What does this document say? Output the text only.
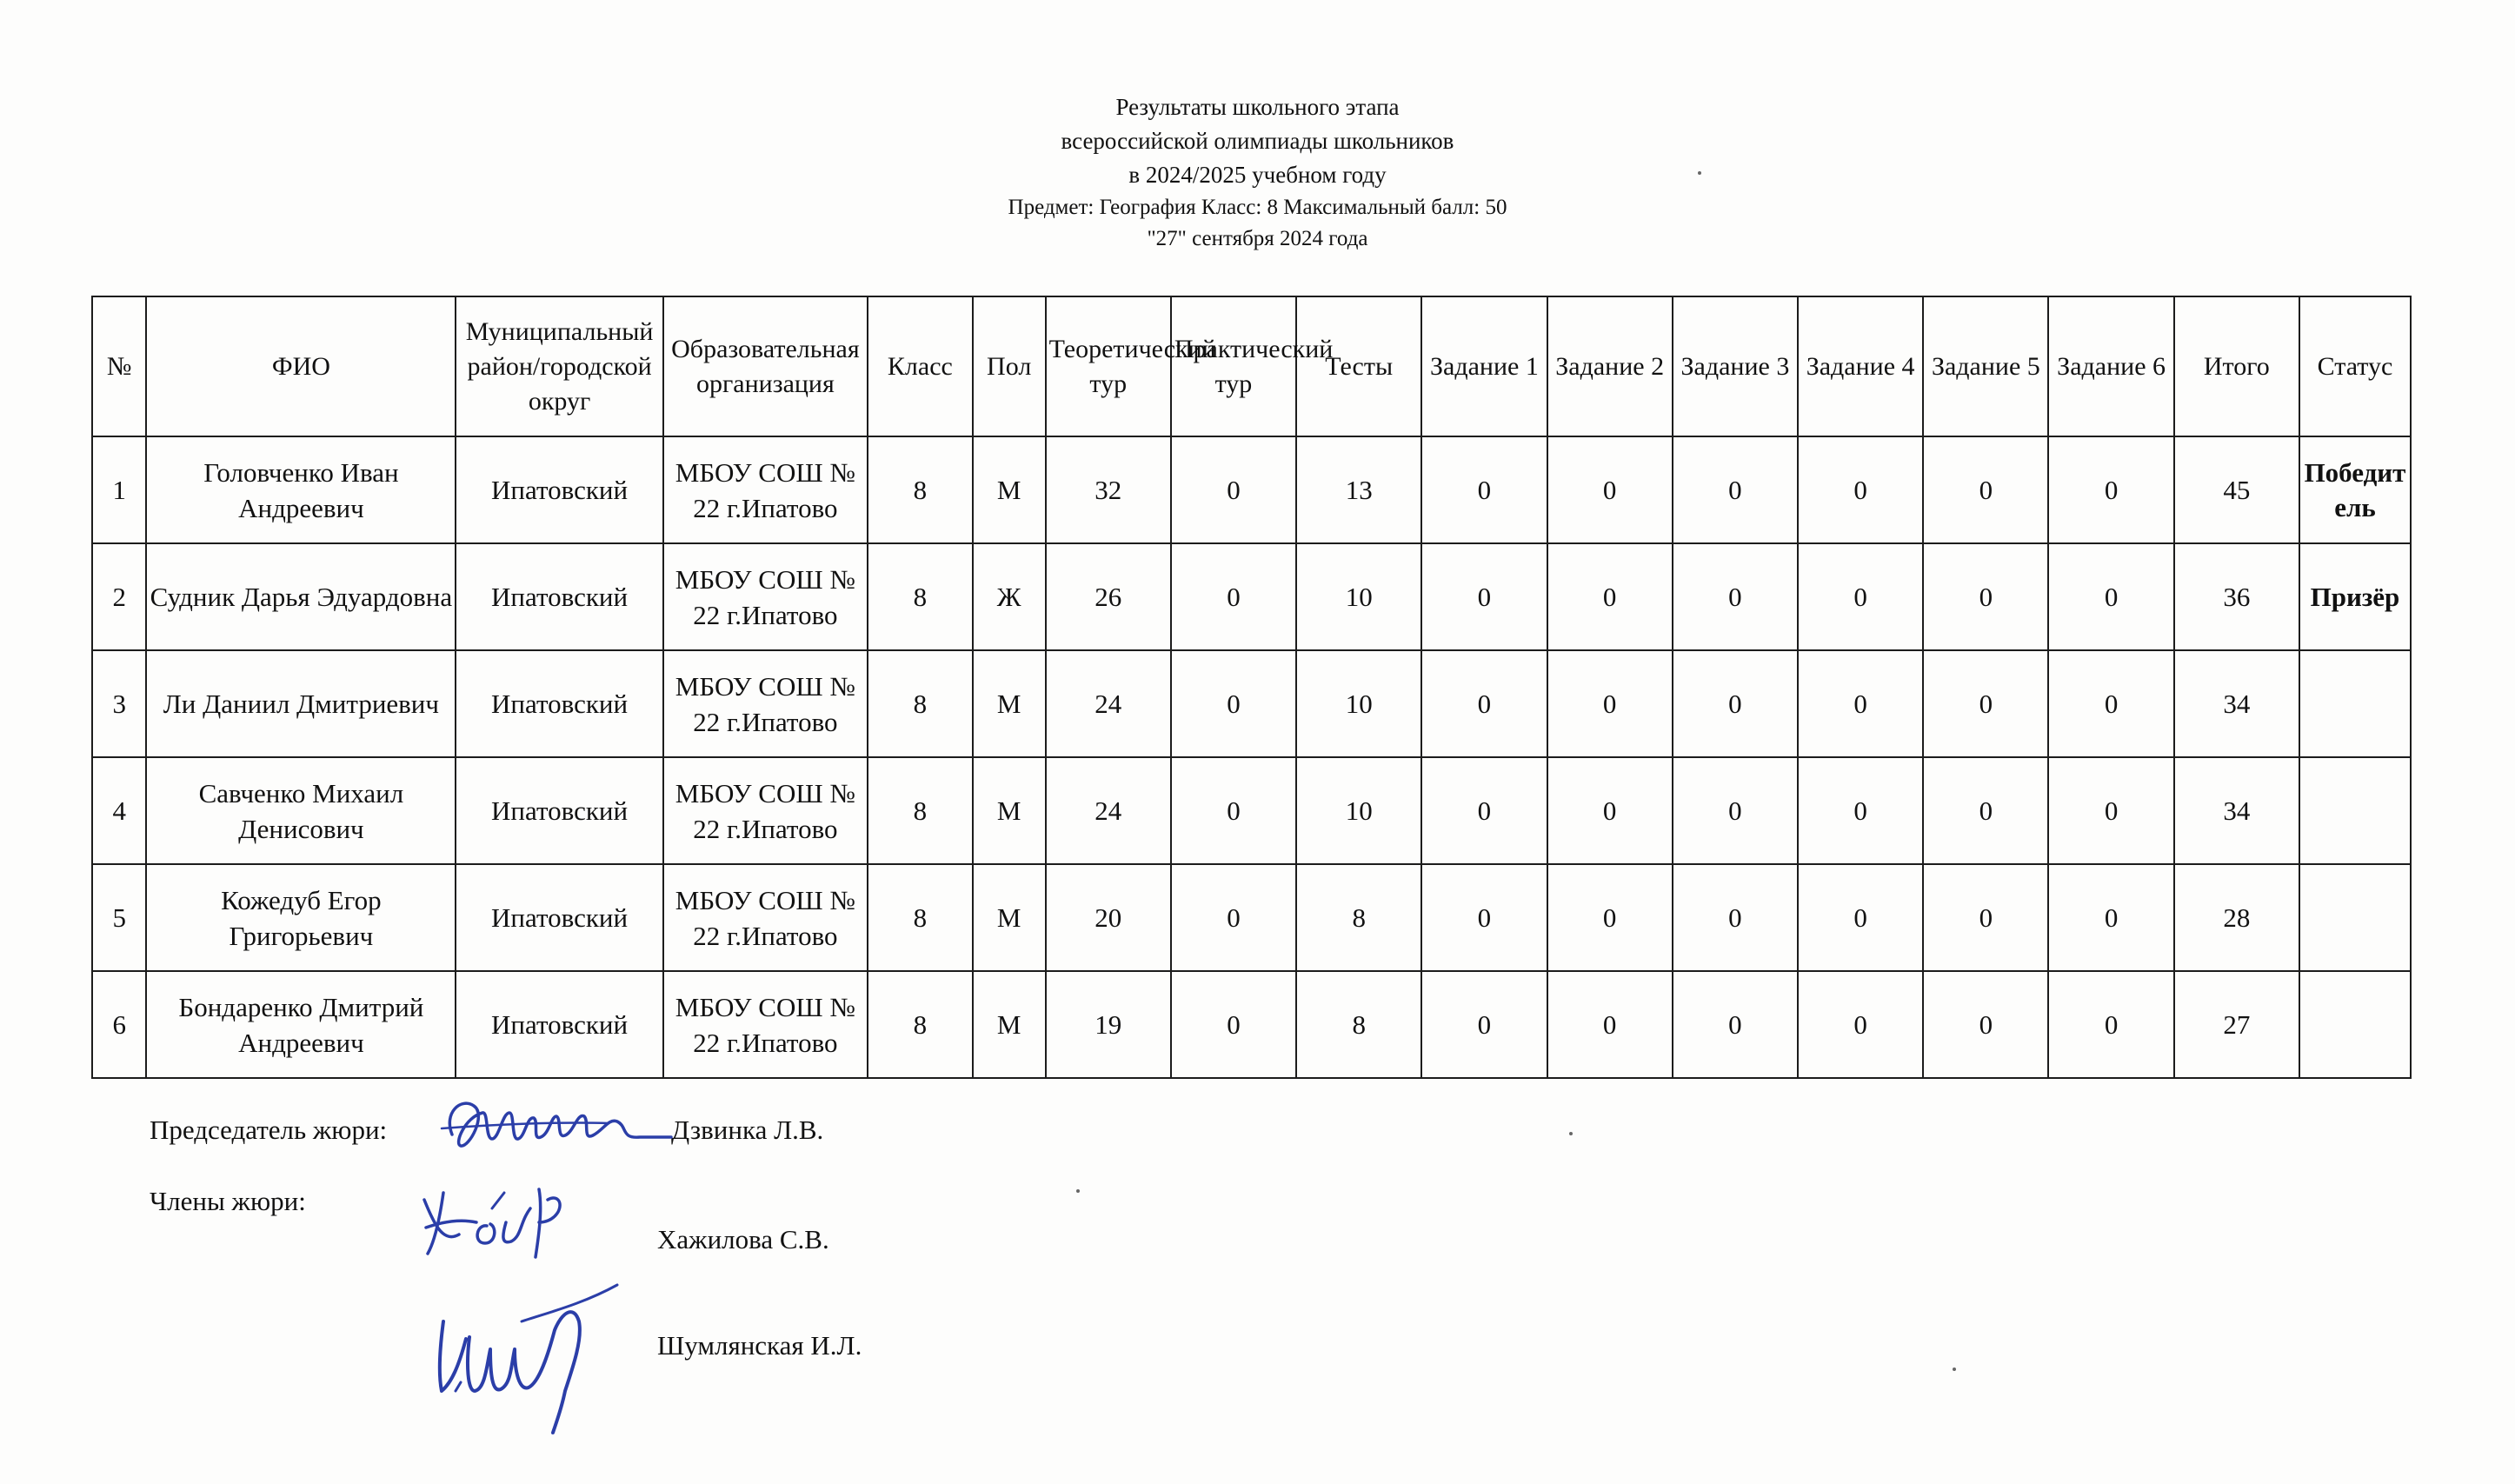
Результаты школьного этапа
всероссийской олимпиады школьников
в 2024/2025 учебном году
Предмет: География Класс: 8 Максимальный балл: 50
"27" сентября 2024 года
№	ФИО	Муниципальный район/городской округ	Образовательная организация	Класс	Пол	Теоретический тур	Практический тур	Тесты	Задание 1	Задание 2	Задание 3	Задание 4	Задание 5	Задание 6	Итого	Статус
1	Головченко Иван Андреевич	Ипатовский	МБОУ СОШ № 22 г.Ипатово	8	М	32	0	13	0	0	0	0	0	0	45	Победитель
2	Судник Дарья Эдуардовна	Ипатовский	МБОУ СОШ № 22 г.Ипатово	8	Ж	26	0	10	0	0	0	0	0	0	36	Призёр
3	Ли Даниил Дмитриевич	Ипатовский	МБОУ СОШ № 22 г.Ипатово	8	М	24	0	10	0	0	0	0	0	0	34	
4	Савченко Михаил Денисович	Ипатовский	МБОУ СОШ № 22 г.Ипатово	8	М	24	0	10	0	0	0	0	0	0	34	
5	Кожедуб Егор Григорьевич	Ипатовский	МБОУ СОШ № 22 г.Ипатово	8	М	20	0	8	0	0	0	0	0	0	28	
6	Бондаренко Дмитрий Андреевич	Ипатовский	МБОУ СОШ № 22 г.Ипатово	8	М	19	0	8	0	0	0	0	0	0	27	
Председатель жюри:	Дзвинка Л.В.
Члены жюри:
Хажилова С.В.
Шумлянская И.Л.
